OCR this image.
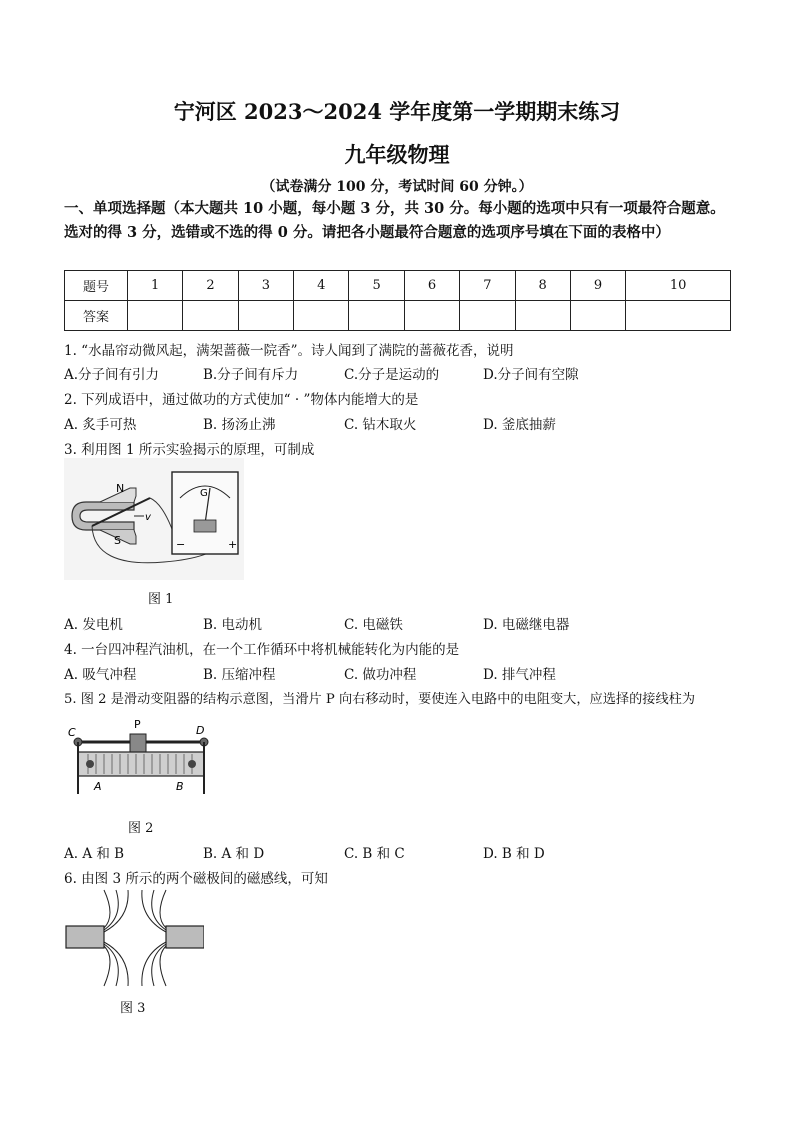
宁河区 2023～2024 学年度第一学期期末练习
九年级物理
（试卷满分 100 分，考试时间 60 分钟。）
一、单项选择题（本大题共 10 小题，每小题 3 分，共 30 分。每小题的选项中只有一项最符合题意。选对的得 3 分，选错或不选的得 0 分。请把各小题最符合题意的选项序号填在下面的表格中）
题号	1	2	3	4	5	6	7	8	9	10
答案										
1. “水晶帘动微风起，满架蔷薇一院香”。诗人闻到了满院的蔷薇花香，说明
A.分子间有引力	B.分子间有斥力	C.分子是运动的	D.分子间有空隙
2. 下列成语中，通过做功的方式使加“ · ”物体内能增大的是
A. 炙手可热	B. 扬汤止沸	C. 钻木取火	D. 釜底抽薪
3. 利用图 1 所示实验揭示的原理，可制成
N
S
v
G
−	+
图 1
A. 发电机	B. 电动机	C. 电磁铁	D. 电磁继电器
4. 一台四冲程汽油机，在一个工作循环中将机械能转化为内能的是
A. 吸气冲程	B. 压缩冲程	C. 做功冲程	D. 排气冲程
5. 图 2 是滑动变阻器的结构示意图，当滑片 P 向右移动时，要使连入电路中的电阻变大，应选择的接线柱为
C	D
P
A	B
图 2
A. A 和 B	B. A 和 D	C. B 和 C	D. B 和 D
6. 由图 3 所示的两个磁极间的磁感线，可知
图 3
